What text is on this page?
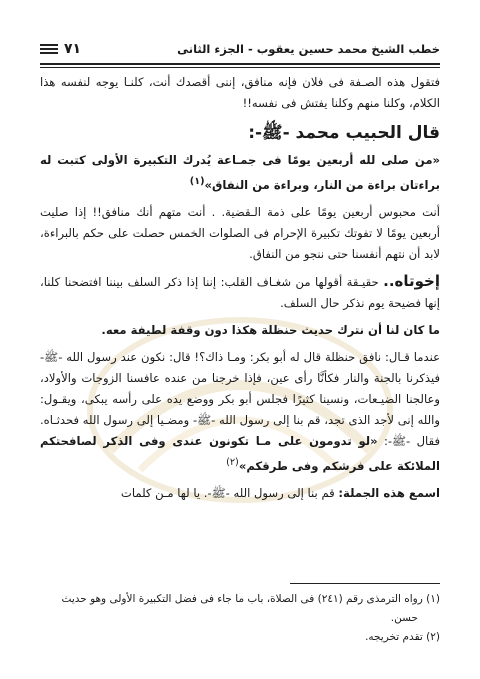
خطب الشيخ محمد حسين يعقوب - الجزء الثانى
٧١

فتقول هذه الصـفة فى فلان فإنه منافق، إننى أقصدك أنت، كلنـا يوجه لنفسه هذا الكلام، وكلنا منهم وكلنا يفتش فى نفسه!!

قال الحبيب محمد -ﷺ-:

«من صلى لله أربعين يومًا فى جمـاعة يُدرك التكبيرة الأولى كتبت له براءتان براءة من النار، وبراءة من النفاق»$^{(١)}$

أنت محبوس أربعين يومًا على ذمة الـقضية. . أنت متهم أنك منافق!! إذا صليت أربعين يومًا لا تفوتك تكبيرة الإحرام فى الصلوات الخمس حصلت على حكم بالبراءة، لابد أن نتهم أنفسنا حتى ننجو من النفاق.

إخوتاه.. حقيـقة أقولها من شغـاف القلب: إننا إذا ذكر السلف بيننا افتضحنا كلنا، إنها فضيحة يوم نذكر حال السلف.

ما كان لنا أن نترك حديث حنظلة هكذا دون وقفة لطيفة معه.

عندما قـال: نافق حنظلة قال له أبو بكر: ومـا ذاك؟! قال: نكون عند رسول الله -ﷺ- فيذكرنا بالجنة والنار فكأنَّا رأى عين، فإذا خرجنا من عنده عافسنا الزوجات والأولاد، وعالجنا الضيـعات، ونسينا كثيرًا فجلس أبو بكر ووضع يده على رأسه يبكى، ويقـول: والله إنى لأجد الذى تجد، قم بنا إلى رسول الله -ﷺ- ومضـيا إلى رسول الله فحدثـاه. فقال -ﷺ-: «لو تدومون على مـا تكونون عندى وفى الذكر لصافحتكم الملائكة على فرشكم وفى طرقكم»$^{(٢)}$

اسمع هذه الجملة: قم بنا إلى رسول الله -ﷺ-. يا لها مـن كلمات

(١) رواه الترمذى رقم (٢٤١) فى الصلاة، باب ما جاء فى فضل التكبيرة الأولى وهو حديث

حسن.

(٢) تقدم تخريجه.
